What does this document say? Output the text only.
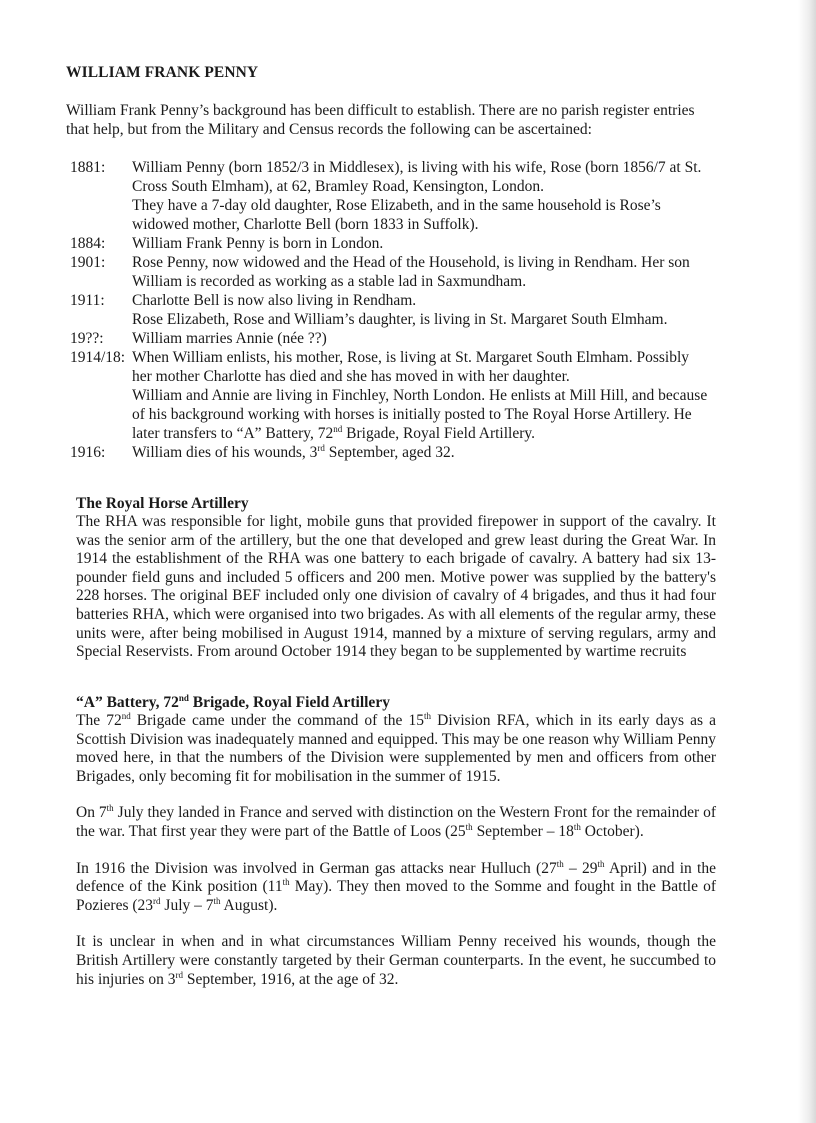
WILLIAM FRANK PENNY
William Frank Penny’s background has been difficult to establish. There are no parish register entries that help, but from the Military and Census records the following can be ascertained:
1881:	William Penny (born 1852/3 in Middlesex), is living with his wife, Rose (born 1856/7 at St. Cross South Elmham), at 62, Bramley Road, Kensington, London.

They have a 7-day old daughter, Rose Elizabeth, and in the same household is Rose’s widowed mother, Charlotte Bell (born 1833 in Suffolk).

1884:	William Frank Penny is born in London.

1901:	Rose Penny, now widowed and the Head of the Household, is living in Rendham. Her son William is recorded as working as a stable lad in Saxmundham.

1911:	Charlotte Bell is now also living in Rendham.

Rose Elizabeth, Rose and William’s daughter, is living in St. Margaret South Elmham.

19??:	William marries Annie (née ??)

1914/18: When William enlists, his mother, Rose, is living at St. Margaret South Elmham. Possibly her mother Charlotte has died and she has moved in with her daughter.

William and Annie are living in Finchley, North London. He enlists at Mill Hill, and because of his background working with horses is initially posted to The Royal Horse Artillery. He later transfers to “A” Battery, 72nd Brigade, Royal Field Artillery.

1916:	William dies of his wounds, 3rd September, aged 32.

The Royal Horse Artillery

The RHA was responsible for light, mobile guns that provided firepower in support of the cavalry. It was the senior arm of the artillery, but the one that developed and grew least during the Great War. In 1914 the establishment of the RHA was one battery to each brigade of cavalry. A battery had six 13-pounder field guns and included 5 officers and 200 men. Motive power was supplied by the battery's 228 horses. The original BEF included only one division of cavalry of 4 brigades, and thus it had four batteries RHA, which were organised into two brigades. As with all elements of the regular army, these units were, after being mobilised in August 1914, manned by a mixture of serving regulars, army and Special Reservists. From around October 1914 they began to be supplemented by wartime recruits

“A” Battery, 72nd Brigade, Royal Field Artillery

The 72nd Brigade came under the command of the 15th Division RFA, which in its early days as a Scottish Division was inadequately manned and equipped. This may be one reason why William Penny moved here, in that the numbers of the Division were supplemented by men and officers from other Brigades, only becoming fit for mobilisation in the summer of 1915.

On 7th July they landed in France and served with distinction on the Western Front for the remainder of the war. That first year they were part of the Battle of Loos (25th September – 18th October).

In 1916 the Division was involved in German gas attacks near Hulluch (27th – 29th April) and in the defence of the Kink position (11th May). They then moved to the Somme and fought in the Battle of Pozieres (23rd July – 7th August).

It is unclear in when and in what circumstances William Penny received his wounds, though the British Artillery were constantly targeted by their German counterparts. In the event, he succumbed to his injuries on 3rd September, 1916, at the age of 32.
